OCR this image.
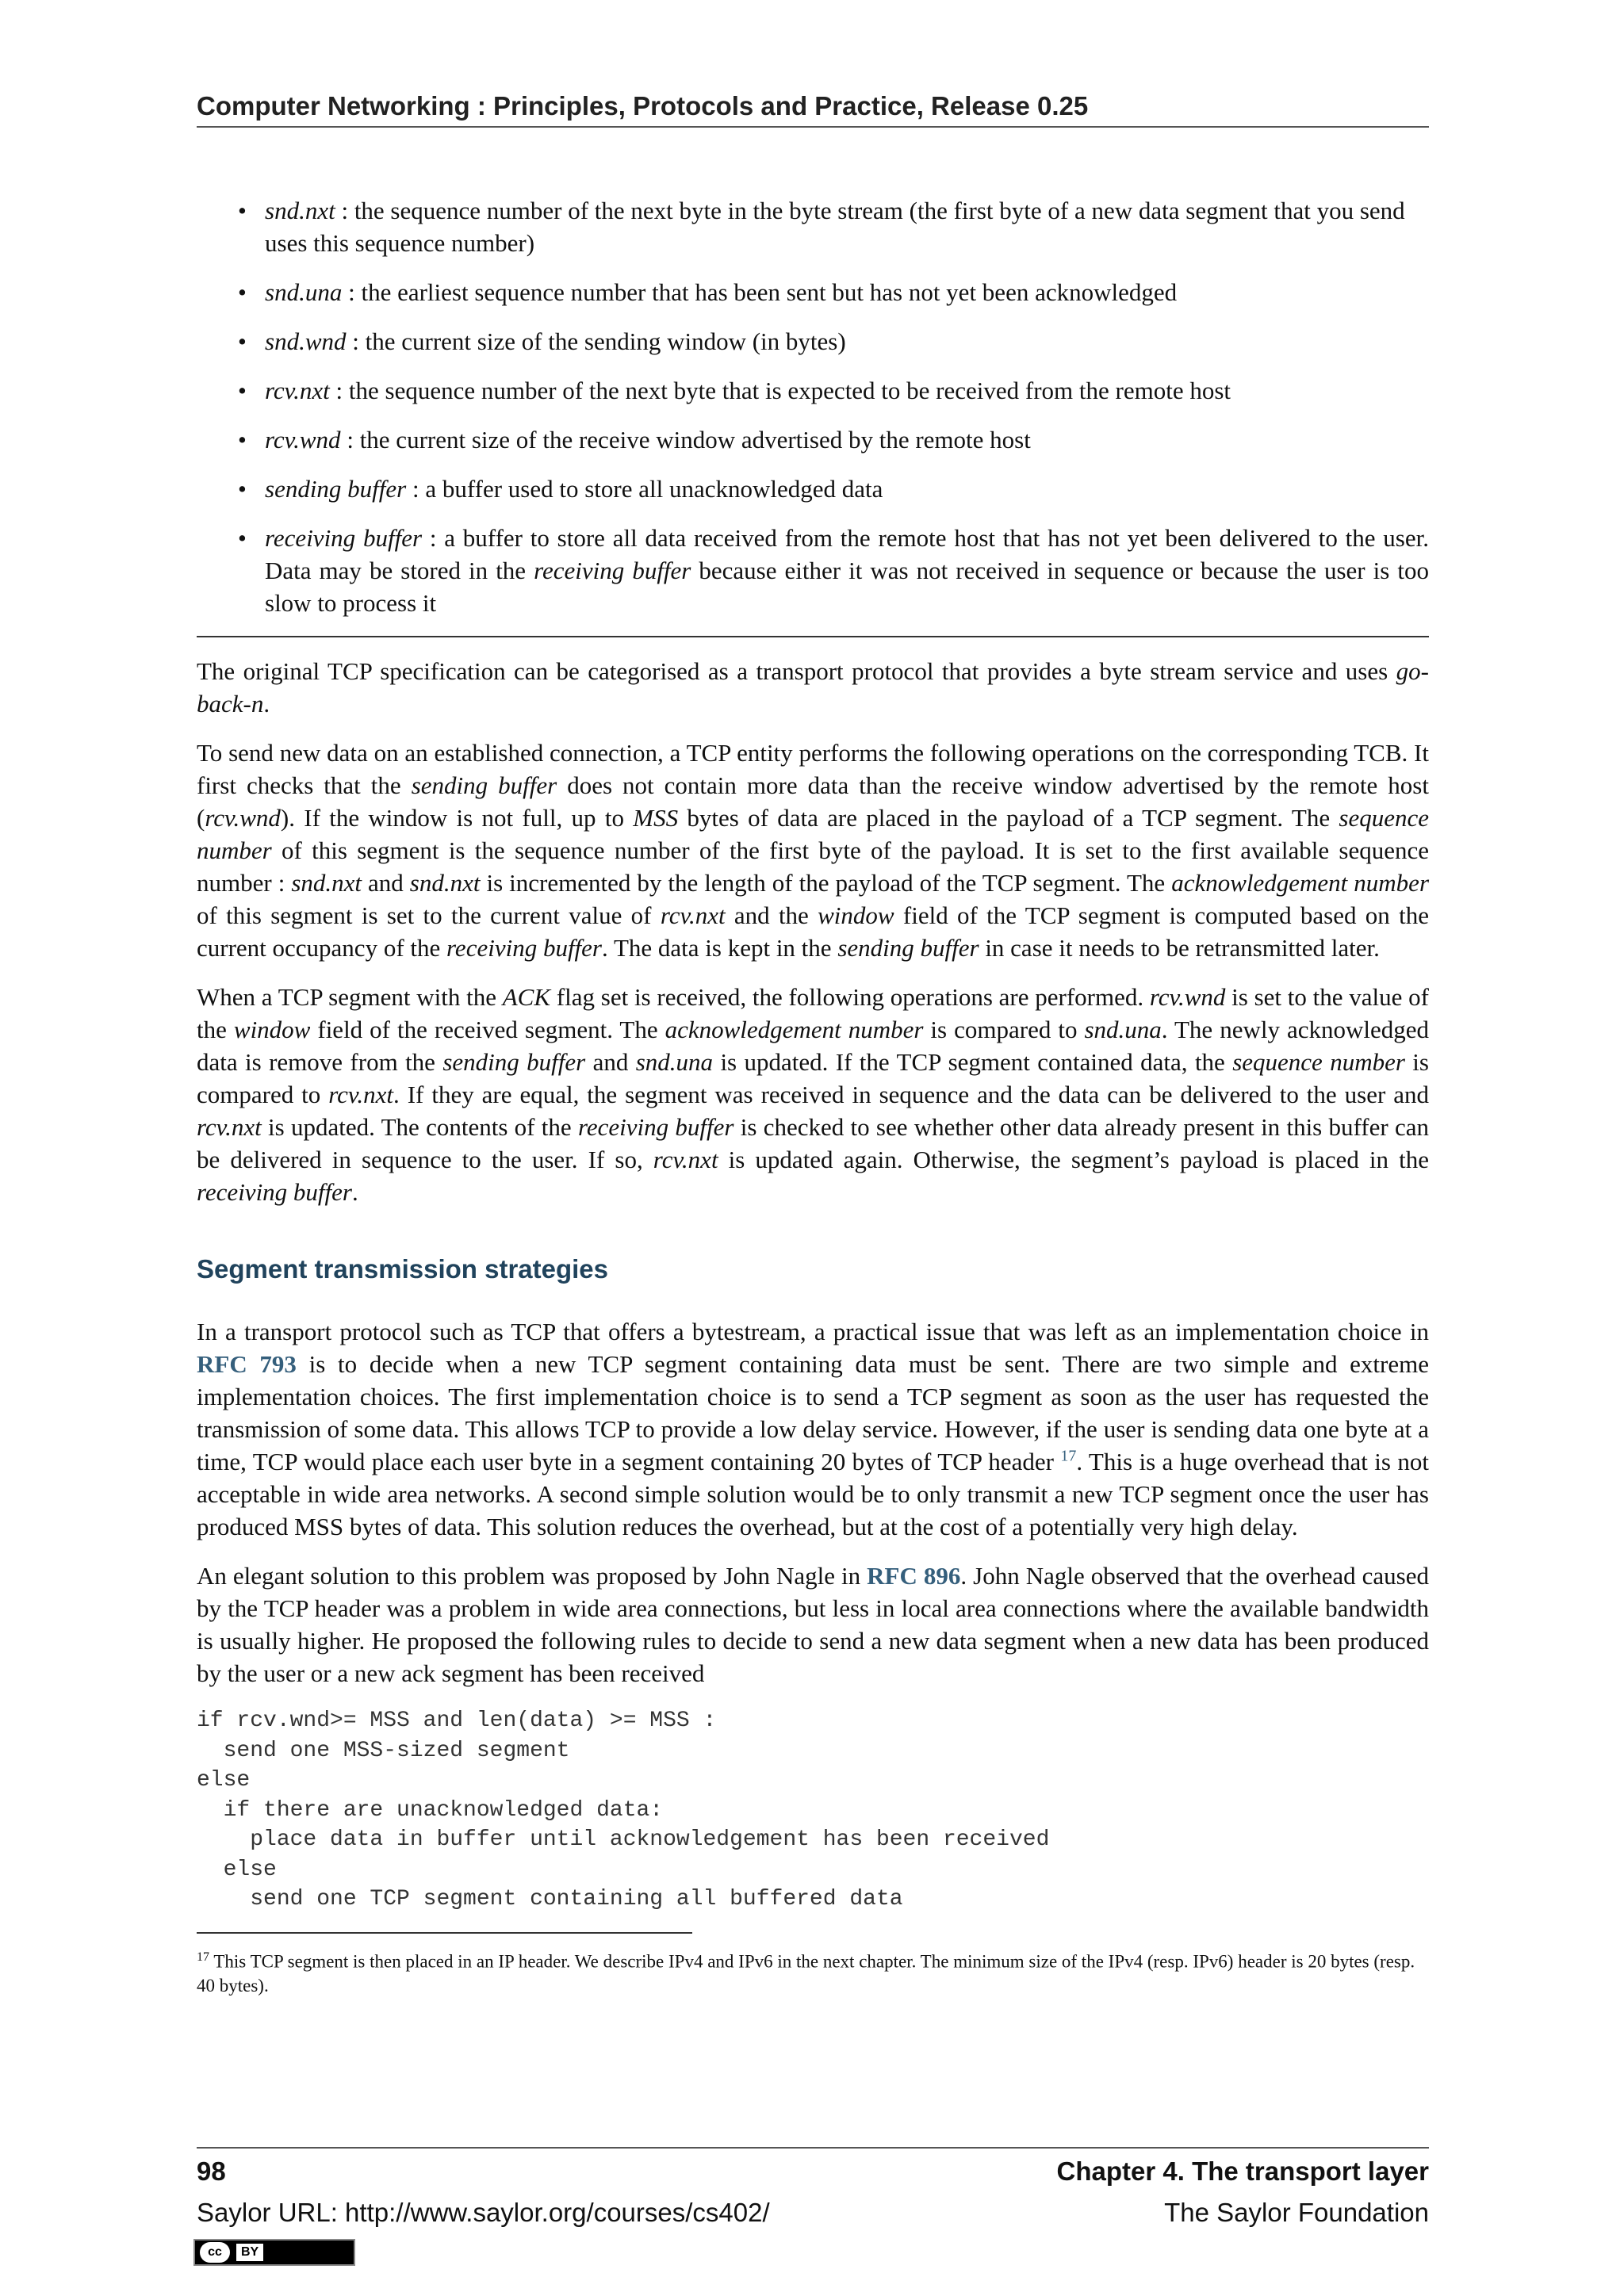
Computer Networking : Principles, Protocols and Practice, Release 0.25
• snd.nxt : the sequence number of the next byte in the byte stream (the first byte of a new data segment that you send uses this sequence number)
• snd.una : the earliest sequence number that has been sent but has not yet been acknowledged
• snd.wnd : the current size of the sending window (in bytes)
• rcv.nxt : the sequence number of the next byte that is expected to be received from the remote host
• rcv.wnd : the current size of the receive window advertised by the remote host
• sending buffer : a buffer used to store all unacknowledged data
• receiving buffer : a buffer to store all data received from the remote host that has not yet been delivered to the user. Data may be stored in the receiving buffer because either it was not received in sequence or because the user is too slow to process it

The original TCP specification can be categorised as a transport protocol that provides a byte stream service and uses go-back-n.

To send new data on an established connection, a TCP entity performs the following operations on the corresponding TCB. It first checks that the sending buffer does not contain more data than the receive window advertised by the remote host (rcv.wnd). If the window is not full, up to MSS bytes of data are placed in the payload of a TCP segment. The sequence number of this segment is the sequence number of the first byte of the payload. It is set to the first available sequence number : snd.nxt and snd.nxt is incremented by the length of the payload of the TCP segment. The acknowledgement number of this segment is set to the current value of rcv.nxt and the window field of the TCP segment is computed based on the current occupancy of the receiving buffer. The data is kept in the sending buffer in case it needs to be retransmitted later.

When a TCP segment with the ACK flag set is received, the following operations are performed. rcv.wnd is set to the value of the window field of the received segment. The acknowledgement number is compared to snd.una. The newly acknowledged data is remove from the sending buffer and snd.una is updated. If the TCP segment contained data, the sequence number is compared to rcv.nxt. If they are equal, the segment was received in sequence and the data can be delivered to the user and rcv.nxt is updated. The contents of the receiving buffer is checked to see whether other data already present in this buffer can be delivered in sequence to the user. If so, rcv.nxt is updated again. Otherwise, the segment’s payload is placed in the receiving buffer.

Segment transmission strategies

In a transport protocol such as TCP that offers a bytestream, a practical issue that was left as an implementation choice in RFC 793 is to decide when a new TCP segment containing data must be sent. There are two simple and extreme implementation choices. The first implementation choice is to send a TCP segment as soon as the user has requested the transmission of some data. This allows TCP to provide a low delay service. However, if the user is sending data one byte at a time, TCP would place each user byte in a segment containing 20 bytes of TCP header $^{17}$. This is a huge overhead that is not acceptable in wide area networks. A second simple solution would be to only transmit a new TCP segment once the user has produced MSS bytes of data. This solution reduces the overhead, but at the cost of a potentially very high delay.

An elegant solution to this problem was proposed by John Nagle in RFC 896. John Nagle observed that the overhead caused by the TCP header was a problem in wide area connections, but less in local area connections where the available bandwidth is usually higher. He proposed the following rules to decide to send a new data segment when a new data has been produced by the user or a new ack segment has been received

if rcv.wnd>= MSS and len(data) >= MSS :
send one MSS-sized segment
else
if there are unacknowledged data:
place data in buffer until acknowledgement has been received
else
send one TCP segment containing all buffered data
$^{17}$ This TCP segment is then placed in an IP header. We describe IPv4 and IPv6 in the next chapter. The minimum size of the IPv4 (resp. IPv6) header is 20 bytes (resp. 40 bytes).
98	Chapter 4. The transport layer
Saylor URL: http://www.saylor.org/courses/cs402/	The Saylor Foundation
cc	BY
